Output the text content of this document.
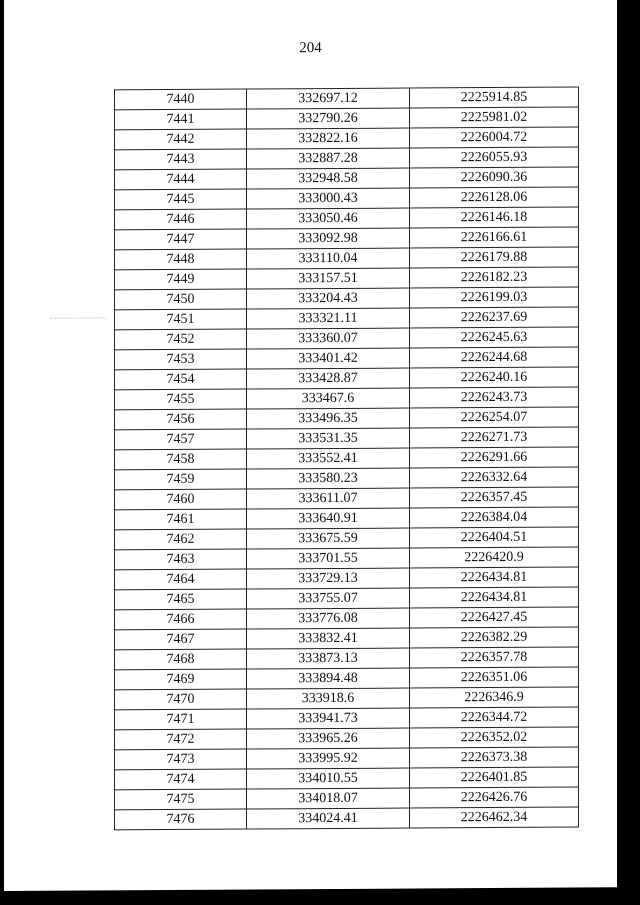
204
7440	332697.12	2225914.85
7441	332790.26	2225981.02
7442	332822.16	2226004.72
7443	332887.28	2226055.93
7444	332948.58	2226090.36
7445	333000.43	2226128.06
7446	333050.46	2226146.18
7447	333092.98	2226166.61
7448	333110.04	2226179.88
7449	333157.51	2226182.23
7450	333204.43	2226199.03
7451	333321.11	2226237.69
7452	333360.07	2226245.63
7453	333401.42	2226244.68
7454	333428.87	2226240.16
7455	333467.6	2226243.73
7456	333496.35	2226254.07
7457	333531.35	2226271.73
7458	333552.41	2226291.66
7459	333580.23	2226332.64
7460	333611.07	2226357.45
7461	333640.91	2226384.04
7462	333675.59	2226404.51
7463	333701.55	2226420.9
7464	333729.13	2226434.81
7465	333755.07	2226434.81
7466	333776.08	2226427.45
7467	333832.41	2226382.29
7468	333873.13	2226357.78
7469	333894.48	2226351.06
7470	333918.6	2226346.9
7471	333941.73	2226344.72
7472	333965.26	2226352.02
7473	333995.92	2226373.38
7474	334010.55	2226401.85
7475	334018.07	2226426.76
7476	334024.41	2226462.34
